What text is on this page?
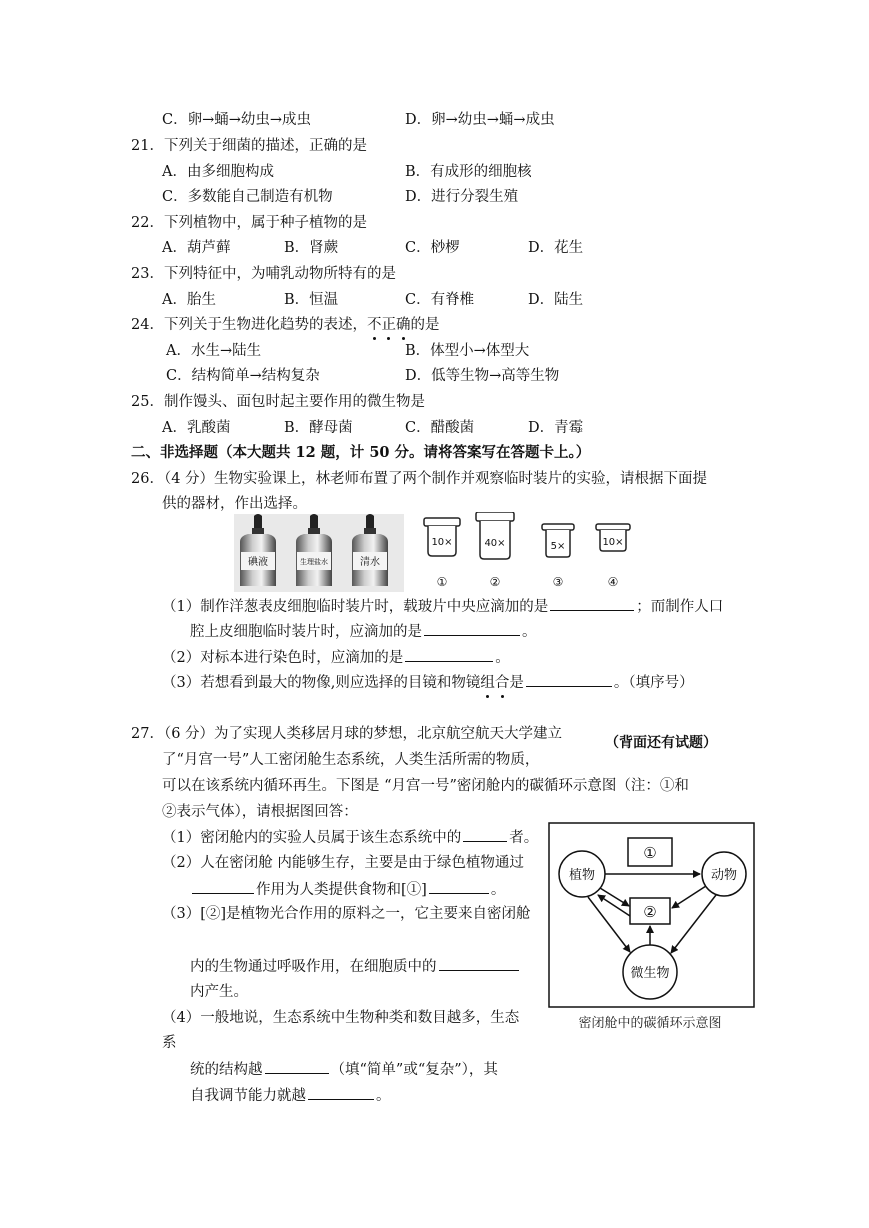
C．卵→蛹→幼虫→成虫	D．卵→幼虫→蛹→成虫
21．下列关于细菌的描述，正确的是
A．由多细胞构成	B．有成形的细胞核
C．多数能自己制造有机物	D．进行分裂生殖
22．下列植物中，属于种子植物的是
A．葫芦藓	B．肾蕨	C．桫椤	D．花生
23．下列特征中，为哺乳动物所特有的是
A．胎生	B．恒温	C．有脊椎	D．陆生
24．下列关于生物进化趋势的表述，不正确的是
A．水生→陆生	B．体型小→体型大
C．结构简单→结构复杂	D．低等生物→高等生物
25．制作馒头、面包时起主要作用的微生物是
A．乳酸菌	B．酵母菌	C．醋酸菌	D．青霉
二、非选择题（本大题共 12 题，计 50 分。请将答案写在答题卡上。）
26．（4 分）生物实验课上，林老师布置了两个制作并观察临时装片的实验，请根据下面提
供的器材，作出选择。
碘液	生理盐水	清水
10×
①
40×
②
5×
③
10×
④
（1）制作洋葱表皮细胞临时装片时，载玻片中央应滴加的是	；而制作人口
腔上皮细胞临时装片时，应滴加的是	。
（2）对标本进行染色时，应滴加的是	。
（3）若想看到最大的物像,则应选择的目镜和物镜组合是	。（填序号）
27．（6 分）为了实现人类移居月球的梦想，北京航空航天大学建立
（背面还有试题）
了“月宫一号”人工密闭舱生态系统，人类生活所需的物质，
可以在该系统内循环再生。下图是 “月宫一号”密闭舱内的碳循环示意图（注：①和
②表示气体），请根据图回答：
（1）密闭舱内的实验人员属于该生态系统中的	者。
（2）人在密闭舱 内能够生存，主要是由于绿色植物通过
作用为人类提供食物和[①]	。
（3）[②]是植物光合作用的原料之一，它主要来自密闭舱
内的生物通过呼吸作用，在细胞质中的
内产生。
（4）一般地说，生态系统中生物种类和数目越多，生态
系
统的结构越	（填“简单”或“复杂”），其
自我调节能力就越	。
①
②
植物	动物
微生物
密闭舱中的碳循环示意图
